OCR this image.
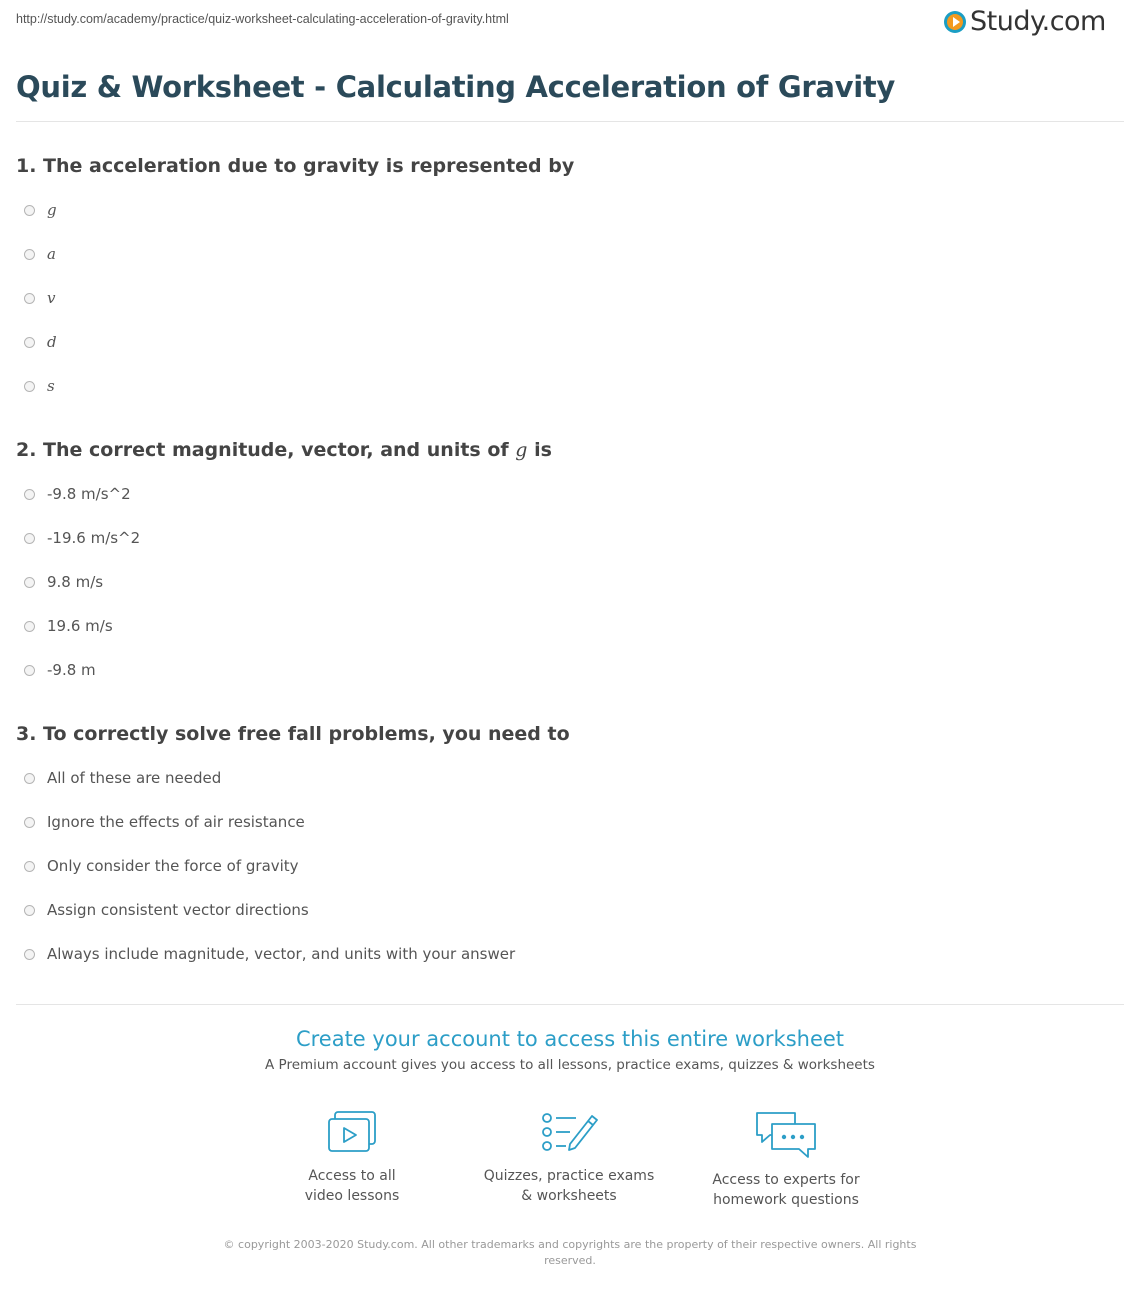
http://study.com/academy/practice/quiz-worksheet-calculating-acceleration-of-gravity.html	Study.com
Quiz & Worksheet - Calculating Acceleration of Gravity
1. The acceleration due to gravity is represented by
g
a
v
d
s
2. The correct magnitude, vector, and units of g is
-9.8 m/s^2
-19.6 m/s^2
9.8 m/s
19.6 m/s
-9.8 m
3. To correctly solve free fall problems, you need to
All of these are needed
Ignore the effects of air resistance
Only consider the force of gravity
Assign consistent vector directions
Always include magnitude, vector, and units with your answer
Create your account to access this entire worksheet
A Premium account gives you access to all lessons, practice exams, quizzes & worksheets
Access to all
video lessons
Quizzes, practice exams
& worksheets
Access to experts for
homework questions
© copyright 2003-2020 Study.com. All other trademarks and copyrights are the property of their respective owners. All rights reserved.
